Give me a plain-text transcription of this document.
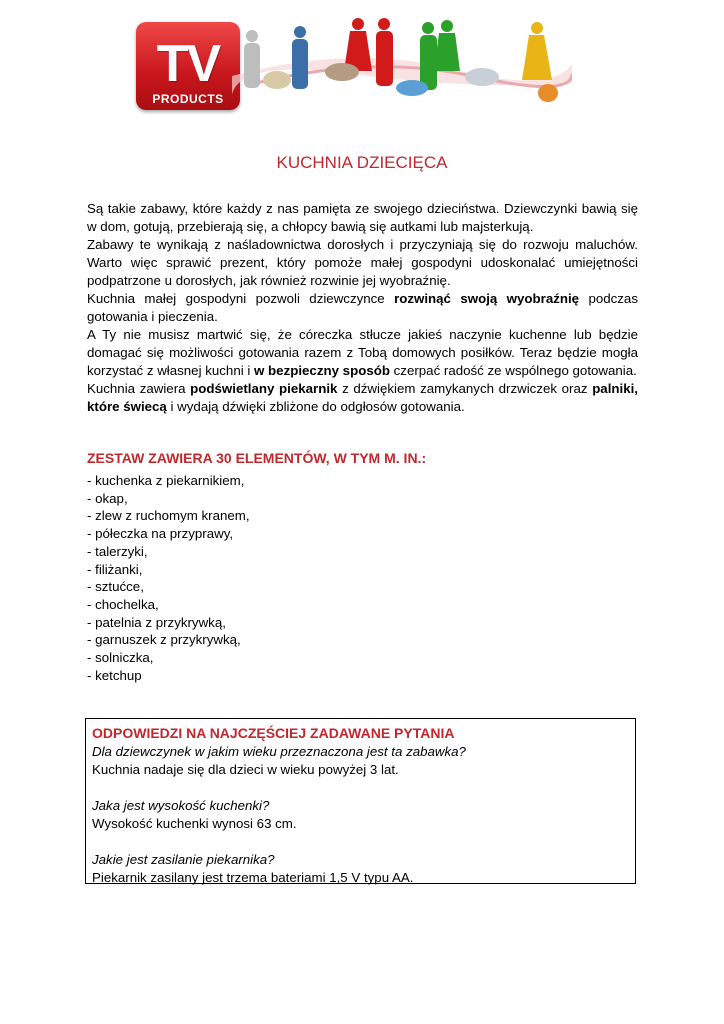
TV
PRODUCTS
KUCHNIA DZIECIĘCA

Są takie zabawy, które każdy z nas pamięta ze swojego dzieciństwa. Dziewczynki bawią się w dom, gotują, przebierają się, a chłopcy bawią się autkami lub majsterkują.

Zabawy te wynikają z naśladownictwa dorosłych i przyczyniają się do rozwoju maluchów. Warto więc sprawić prezent, który pomoże małej gospodyni udoskonalać umiejętności podpatrzone u dorosłych, jak również rozwinie jej wyobraźnię.

Kuchnia małej gospodyni pozwoli dziewczynce rozwinąć swoją wyobraźnię podczas gotowania i pieczenia.

A Ty nie musisz martwić się, że córeczka stłucze jakieś naczynie kuchenne lub będzie domagać się możliwości gotowania razem z Tobą domowych posiłków. Teraz będzie mogła korzystać z własnej kuchni i w bezpieczny sposób czerpać radość ze wspólnego gotowania.

Kuchnia zawiera podświetlany piekarnik z dźwiękiem zamykanych drzwiczek oraz palniki, które świecą i wydają dźwięki zbliżone do odgłosów gotowania.

ZESTAW ZAWIERA 30 ELEMENTÓW, W TYM M. IN.:
- kuchenka z piekarnikiem,
- okap,
- zlew z ruchomym kranem,
- półeczka na przyprawy,
- talerzyki,
- filiżanki,
- sztućce,
- chochelka,
- patelnia z przykrywką,
- garnuszek z przykrywką,
- solniczka,
- ketchup
ODPOWIEDZI NA NAJCZĘŚCIEJ ZADAWANE PYTANIA
Dla dziewczynek w jakim wieku przeznaczona jest ta zabawka?
Kuchnia nadaje się dla dzieci w wieku powyżej 3 lat.
Jaka jest wysokość kuchenki?
Wysokość kuchenki wynosi 63 cm.
Jakie jest zasilanie piekarnika?
Piekarnik zasilany jest trzema bateriami 1,5 V typu AA.
